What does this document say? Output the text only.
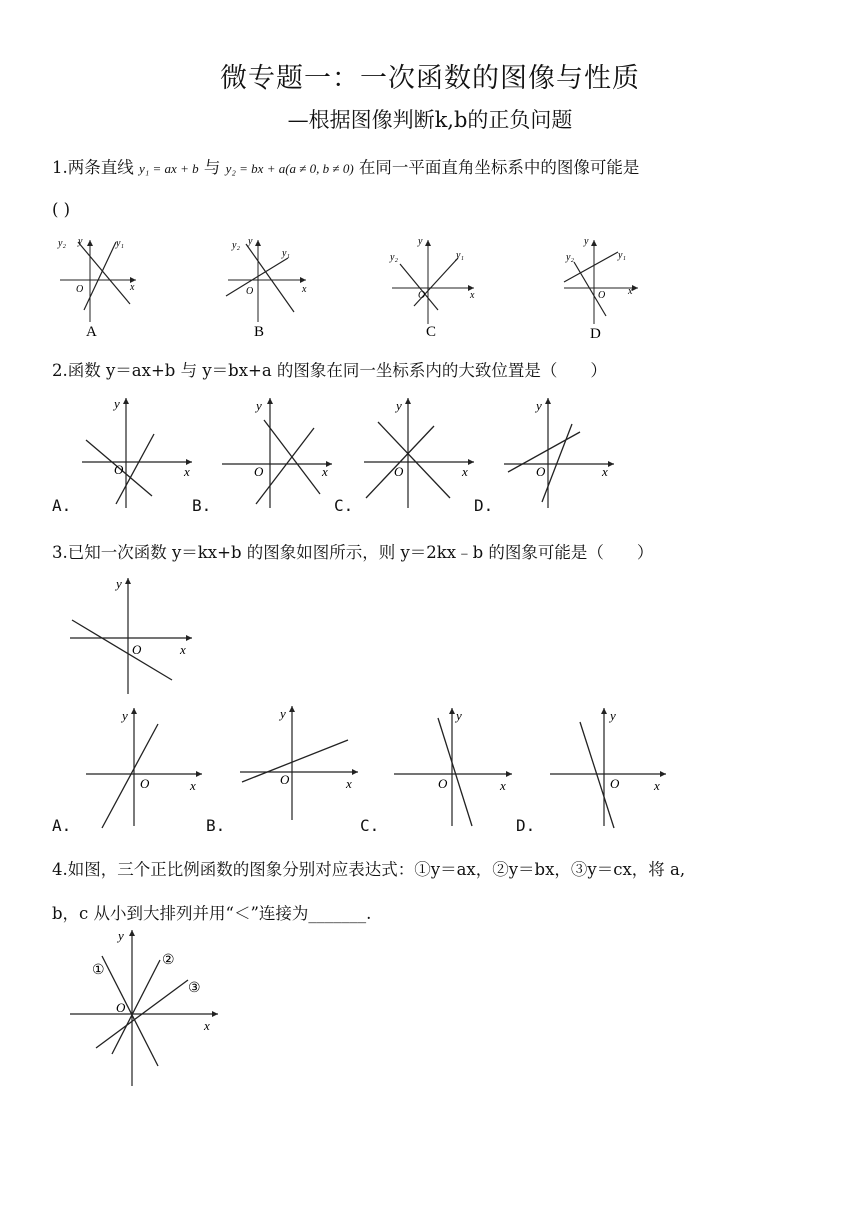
微专题一：一次函数的图像与性质
—根据图像判断k,b的正负问题
1.两条直线 y₁ = ax + b 与 y₂ = bx + a(a ≠ 0, b ≠ 0) 在同一平面直角坐标系中的图像可能是
( )
y₂ y	y₁
O	x
A
y₂ y
y₁
O	x
B
y₂
y
y₁
O	x
C
y₂
y
y₁
O x
D
2.函数 y＝ax+b 与 y＝bx+a 的图象在同一坐标系内的大致位置是（　　）
y
O	x
A.
y
O	x
B.
y
O	x
C.
y
O	x
D.
3.已知一次函数 y＝kx+b 的图象如图所示，则 y＝2kx﹣b 的图象可能是（　　）
y
O	x
y
O	x
A.
y
O	x
B.
y
O	x
C.
y
O	x
D.
4.如图，三个正比例函数的图象分别对应表达式：①y＝ax，②y＝bx，③y＝cx，将 a,
b，c 从小到大排列并用“＜”连接为_______.
y
O
x
①
②
③
